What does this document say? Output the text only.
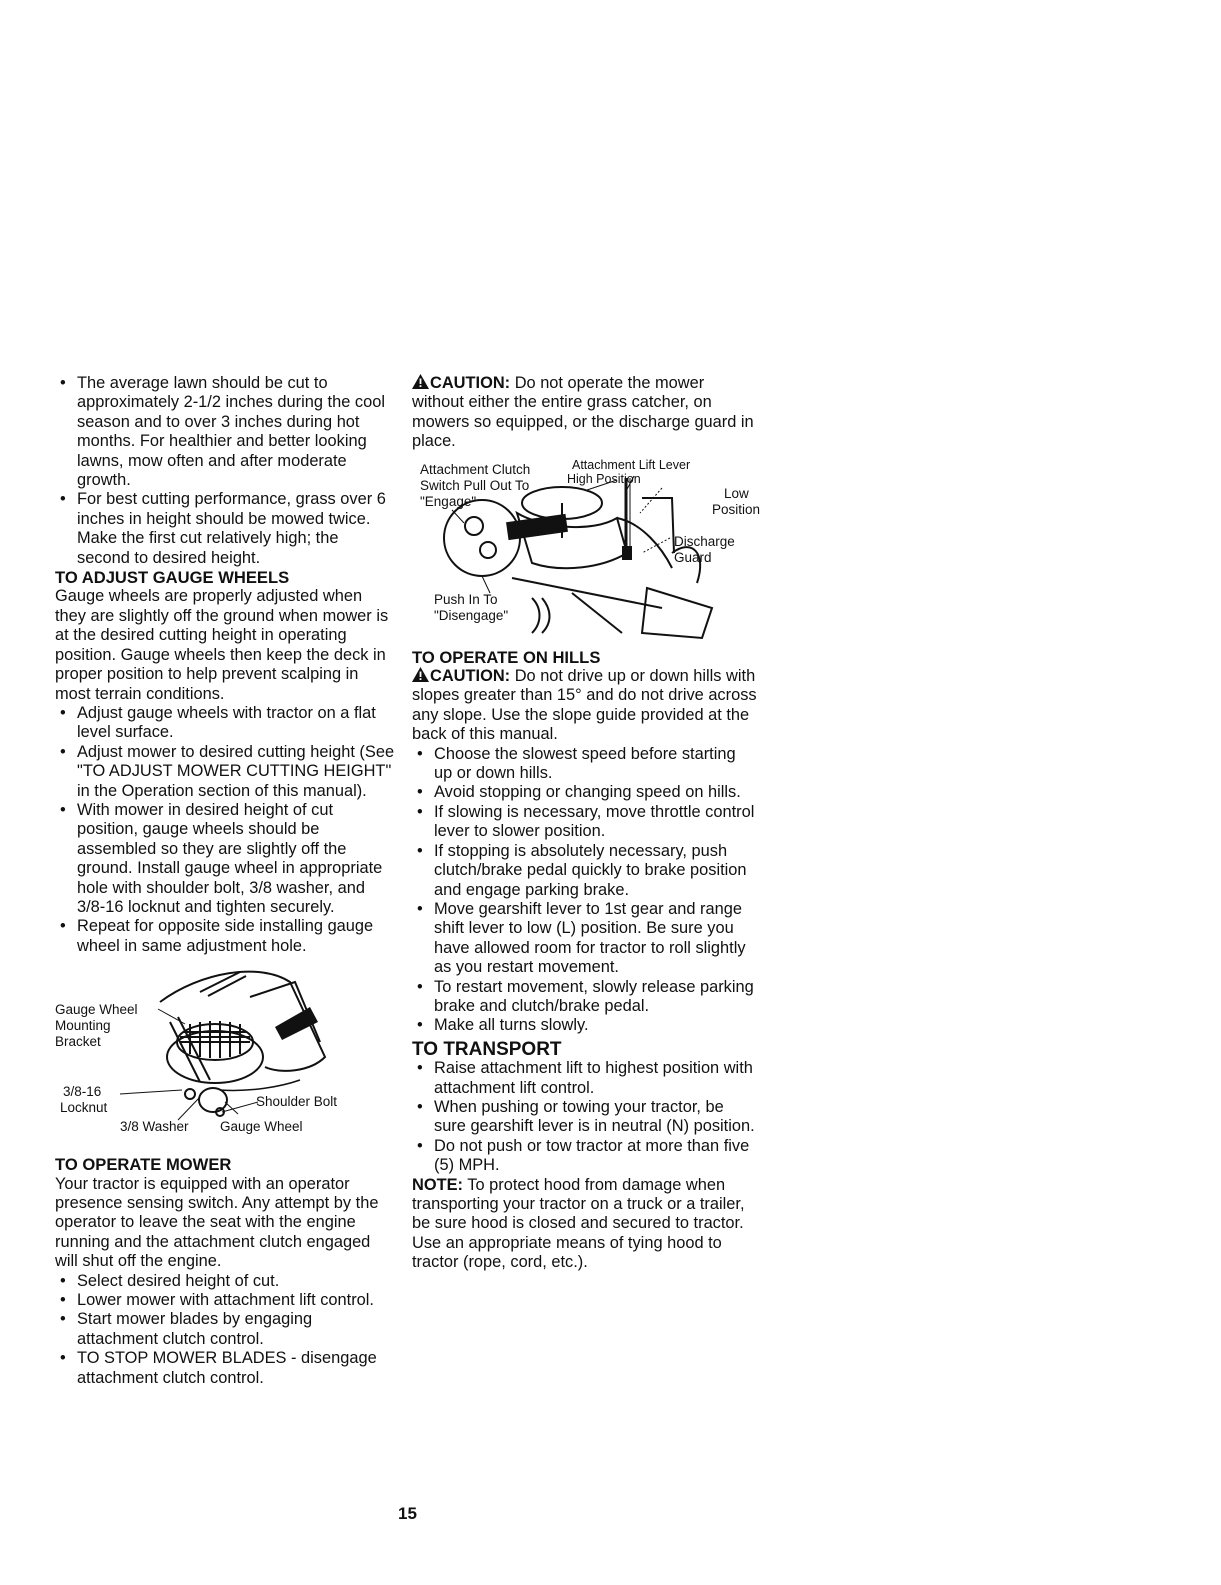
• The average lawn should be cut to approximately 2-1/2 inches during the cool season and to over 3 inches during hot months. For healthier and better looking lawns, mow often and after moderate growth.
• For best cutting performance, grass over 6 inches in height should be mowed twice. Make the first cut relatively high; the second to desired height.

TO ADJUST GAUGE WHEELS

Gauge wheels are properly adjusted when they are slightly off the ground when mower is at the desired cutting height in operating position. Gauge wheels then keep the deck in proper position to help prevent scalping in most terrain conditions.

• Adjust gauge wheels with tractor on a flat level surface.
• Adjust mower to desired cutting height (See "TO ADJUST MOWER CUTTING HEIGHT" in the Operation section of this manual).
• With mower in desired height of cut position, gauge wheels should be assembled so they are slightly off the ground. Install gauge wheel in appropriate hole with shoulder bolt, 3/8 washer, and 3/8-16 locknut and tighten securely.
• Repeat for opposite side installing gauge wheel in same adjustment hole.
Gauge Wheel
Mounting
Bracket
3/8-16
Locknut
3/8 Washer Gauge Wheel
Shoulder Bolt

TO OPERATE MOWER

Your tractor is equipped with an operator presence sensing switch. Any attempt by the operator to leave the seat with the engine running and the attachment clutch engaged will shut off the engine.

• Select desired height of cut.
• Lower mower with attachment lift control.
• Start mower blades by engaging attachment clutch control.
• TO STOP MOWER BLADES - disengage attachment clutch control.

CAUTION: Do not operate the mower without either the entire grass catcher, on mowers so equipped, or the discharge guard in place.

Attachment Clutch
Switch Pull Out To
"Engage"
Attachment Lift Lever
High Position
Low
Position
Discharge
Guard
Push In To
"Disengage"

TO OPERATE ON HILLS

CAUTION: Do not drive up or down hills with slopes greater than 15° and do not drive across any slope. Use the slope guide provided at the back of this manual.

• Choose the slowest speed before starting up or down hills.
• Avoid stopping or changing speed on hills.
• If slowing is necessary, move throttle control lever to slower position.
• If stopping is absolutely necessary, push clutch/brake pedal quickly to brake position and engage parking brake.
• Move gearshift lever to 1st gear and range shift lever to low (L) position. Be sure you have allowed room for tractor to roll slightly as you restart movement.
• To restart movement, slowly release parking brake and clutch/brake pedal.
• Make all turns slowly.

TO TRANSPORT

• Raise attachment lift to highest position with attachment lift control.
• When pushing or towing your tractor, be sure gearshift lever is in neutral (N) position.
• Do not push or tow tractor at more than five (5) MPH.

NOTE: To protect hood from damage when transporting your tractor on a truck or a trailer, be sure hood is closed and secured to tractor. Use an appropriate means of tying hood to tractor (rope, cord, etc.).

15
